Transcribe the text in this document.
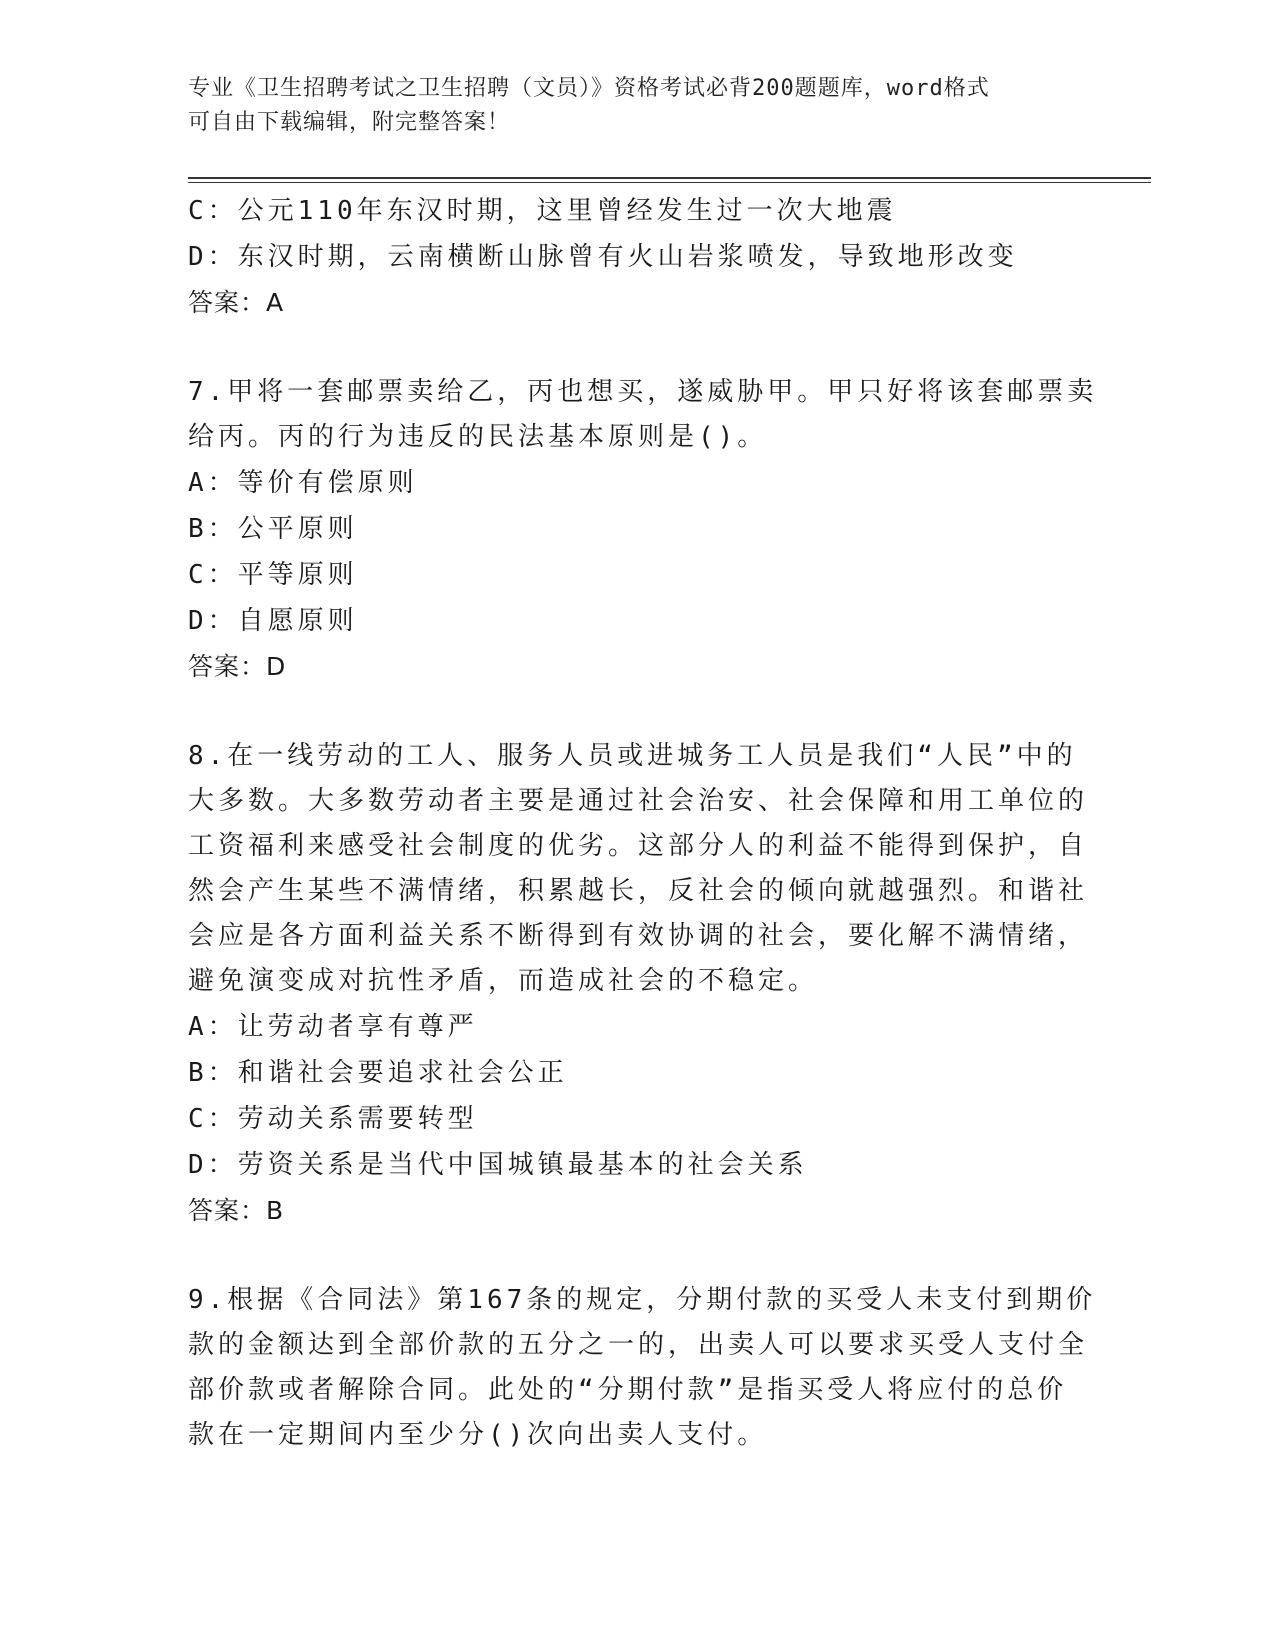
专业《卫生招聘考试之卫生招聘（文员）》资格考试必背200题题库，word格式
可自由下载编辑，附完整答案！
C：公元110年东汉时期，这里曾经发生过一次大地震
D：东汉时期，云南横断山脉曾有火山岩浆喷发，导致地形改变
答案：A
7.甲将一套邮票卖给乙，丙也想买，遂威胁甲。甲只好将该套邮票卖
给丙。丙的行为违反的民法基本原则是()。
A：等价有偿原则
B：公平原则
C：平等原则
D：自愿原则
答案：D
8.在一线劳动的工人、服务人员或进城务工人员是我们“人民”中的
大多数。大多数劳动者主要是通过社会治安、社会保障和用工单位的
工资福利来感受社会制度的优劣。这部分人的利益不能得到保护，自
然会产生某些不满情绪，积累越长，反社会的倾向就越强烈。和谐社
会应是各方面利益关系不断得到有效协调的社会，要化解不满情绪，
避免演变成对抗性矛盾，而造成社会的不稳定。
A：让劳动者享有尊严
B：和谐社会要追求社会公正
C：劳动关系需要转型
D：劳资关系是当代中国城镇最基本的社会关系
答案：B
9.根据《合同法》第167条的规定，分期付款的买受人未支付到期价
款的金额达到全部价款的五分之一的，出卖人可以要求买受人支付全
部价款或者解除合同。此处的“分期付款”是指买受人将应付的总价
款在一定期间内至少分()次向出卖人支付。
